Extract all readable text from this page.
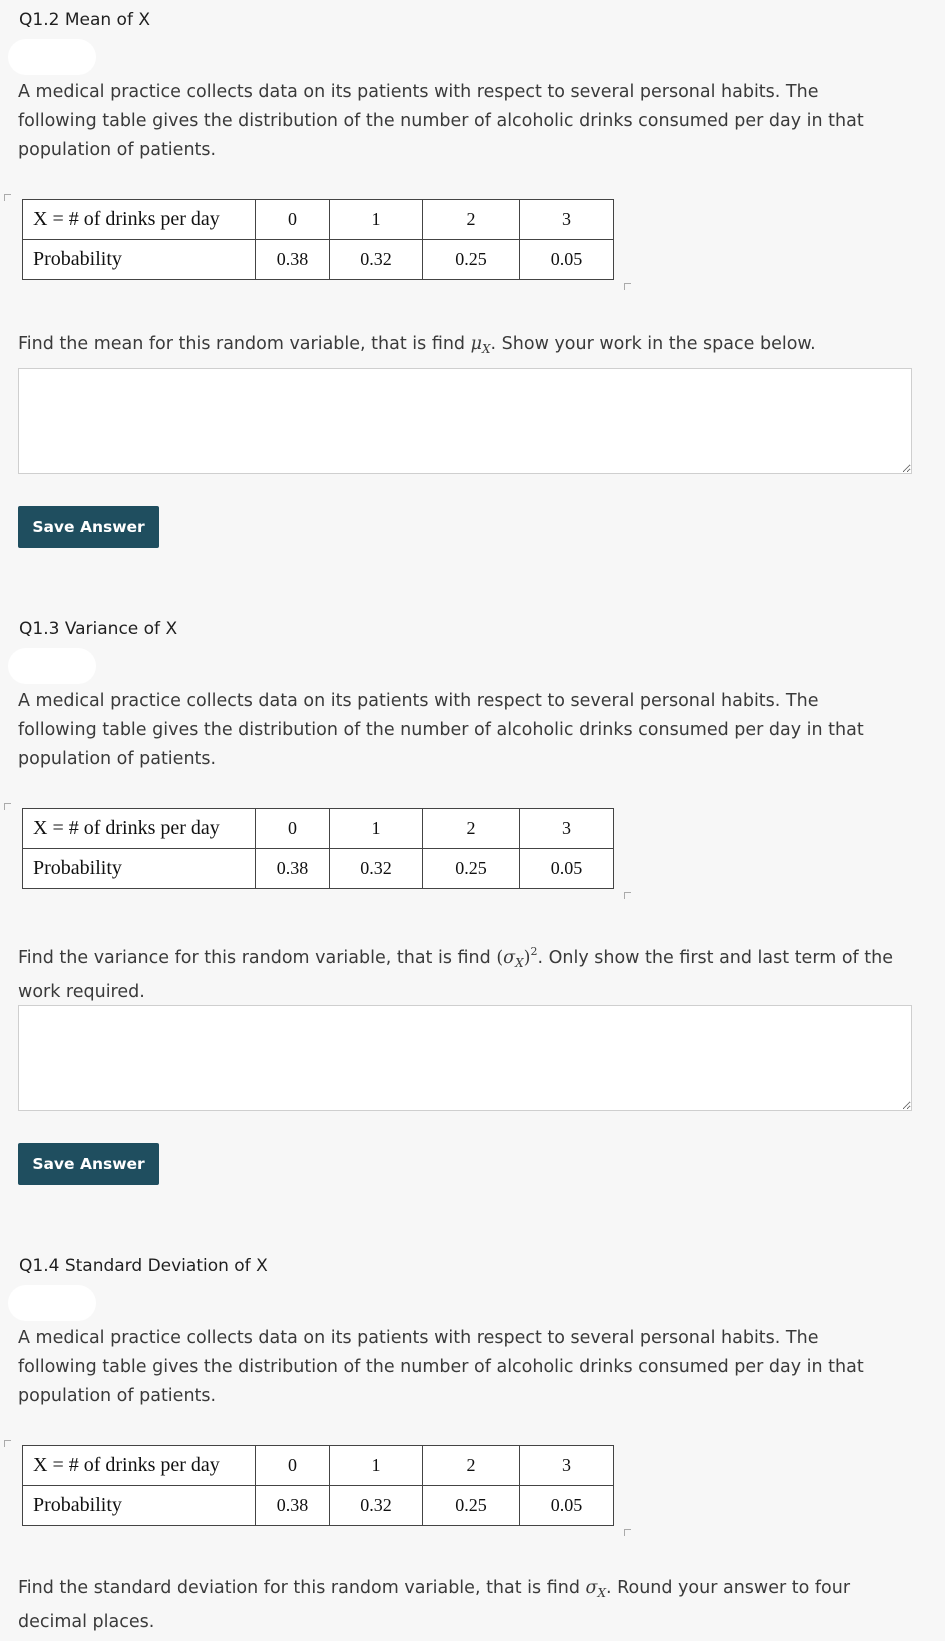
Q1.2 Mean of X

A medical practice collects data on its patients with respect to several personal habits. The following table gives the distribution of the number of alcoholic drinks consumed per day in that population of patients.

X = # of drinks per day	0	1	2	3
Probability	0.38	0.32	0.25	0.05

Find the mean for this random variable, that is find $\mu_X$. Show your work in the space below.

Save Answer
Q1.3 Variance of X

A medical practice collects data on its patients with respect to several personal habits. The following table gives the distribution of the number of alcoholic drinks consumed per day in that population of patients.

X = # of drinks per day	0	1	2	3
Probability	0.38	0.32	0.25	0.05

Find the variance for this random variable, that is find $(\sigma_X)^2$. Only show the first and last term of the work required.

Save Answer
Q1.4 Standard Deviation of X

A medical practice collects data on its patients with respect to several personal habits. The following table gives the distribution of the number of alcoholic drinks consumed per day in that population of patients.

X = # of drinks per day	0	1	2	3
Probability	0.38	0.32	0.25	0.05

Find the standard deviation for this random variable, that is find $\sigma_X$. Round your answer to four decimal places.
